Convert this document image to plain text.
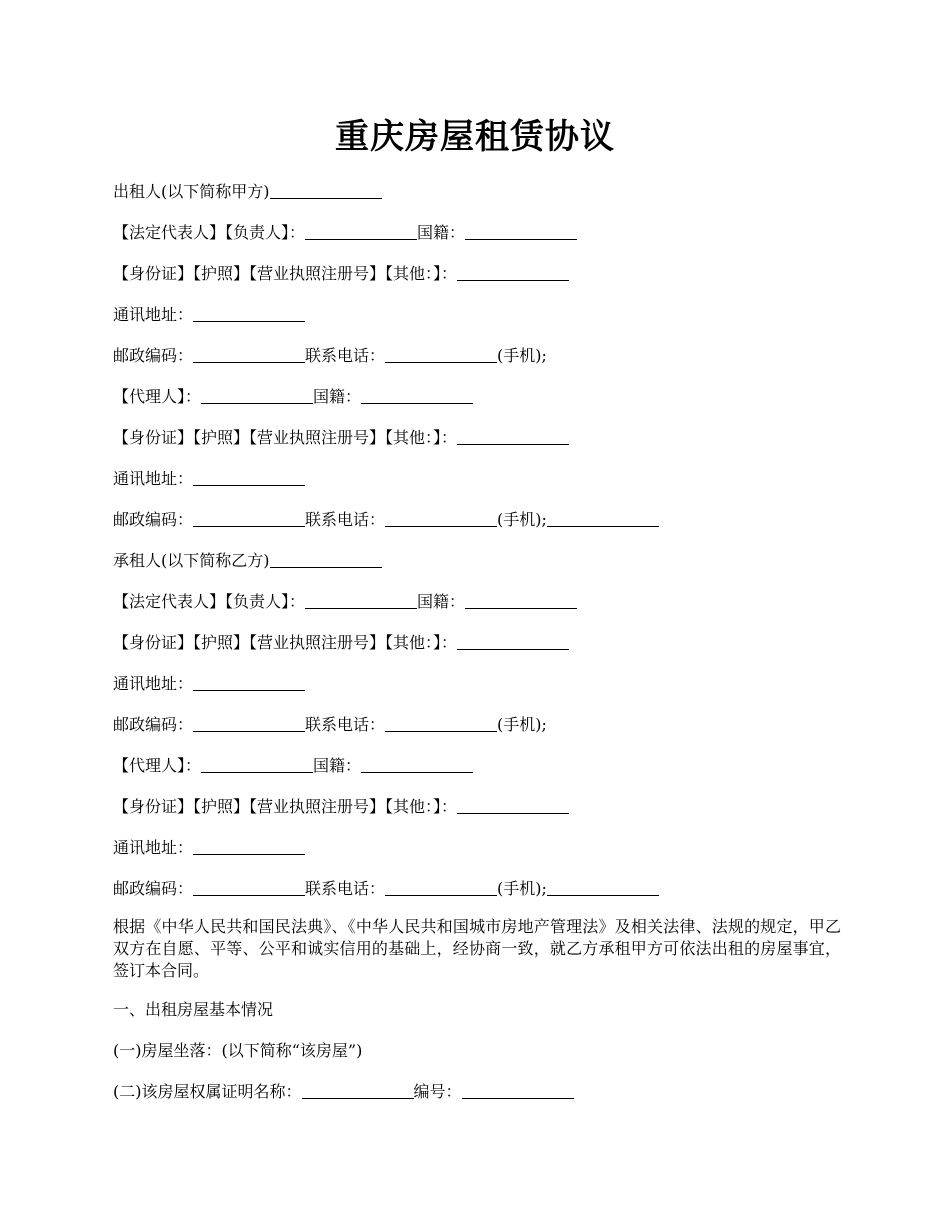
重庆房屋租赁协议
出租人(以下简称甲方)
【法定代表人】【负责人】：	国籍：
【身份证】【护照】【营业执照注册号】【其他：】：
通讯地址：
邮政编码：	联系电话：	(手机);
【代理人】：	国籍：
【身份证】【护照】【营业执照注册号】【其他：】：
通讯地址：
邮政编码：	联系电话：	(手机);
承租人(以下简称乙方)
【法定代表人】【负责人】：	国籍：
【身份证】【护照】【营业执照注册号】【其他：】：
通讯地址：
邮政编码：	联系电话：	(手机);
【代理人】：	国籍：
【身份证】【护照】【营业执照注册号】【其他：】：
通讯地址：
邮政编码：	联系电话：	(手机);
根据《中华人民共和国民法典》、《中华人民共和国城市房地产管理法》及相关法律、法规的规定，甲乙双方在自愿、平等、公平和诚实信用的基础上，经协商一致，就乙方承租甲方可依法出租的房屋事宜，签订本合同。
一、出租房屋基本情况
(一)房屋坐落：(以下简称“该房屋”)
(二)该房屋权属证明名称：	编号：
